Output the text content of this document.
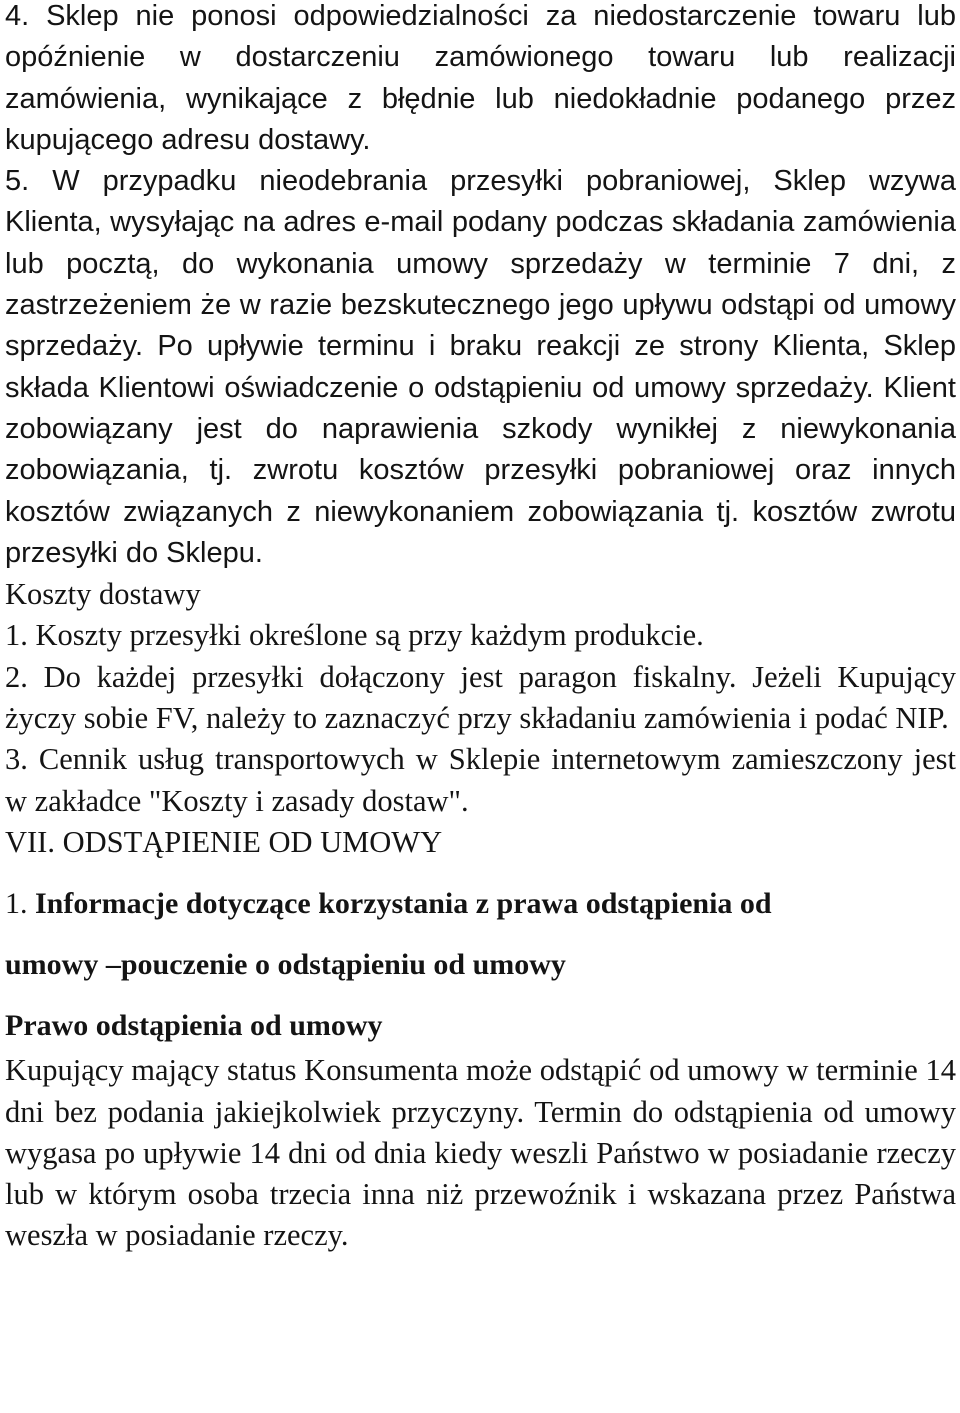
4. Sklep nie ponosi odpowiedzialności za niedostarczenie towaru lub opóźnienie w dostarczeniu zamówionego towaru lub realizacji zamówienia, wynikające z błędnie lub niedokładnie podanego przez kupującego adresu dostawy.

5. W przypadku nieodebrania przesyłki pobraniowej, Sklep wzywa Klienta, wysyłając na adres e-mail podany podczas składania zamówienia lub pocztą, do wykonania umowy sprzedaży w terminie 7 dni, z zastrzeżeniem że w razie bezskutecznego jego upływu odstąpi od umowy sprzedaży. Po upływie terminu i braku reakcji ze strony Klienta, Sklep składa Klientowi oświadczenie o odstąpieniu od umowy sprzedaży. Klient zobowiązany jest do naprawienia szkody wynikłej z niewykonania zobowiązania, tj. zwrotu kosztów przesyłki pobraniowej oraz innych kosztów związanych z niewykonaniem zobowiązania tj. kosztów zwrotu przesyłki do Sklepu.

Koszty dostawy

1. Koszty przesyłki określone są przy każdym produkcie.

2. Do każdej przesyłki dołączony jest paragon fiskalny. Jeżeli Kupujący życzy sobie FV, należy to zaznaczyć przy składaniu zamówienia i podać NIP.

3. Cennik usług transportowych w Sklepie internetowym zamieszczony jest w zakładce "Koszty i zasady dostaw".

VII. ODSTĄPIENIE OD UMOWY

1. Informacje dotyczące korzystania z prawa odstąpienia od

umowy –pouczenie o odstąpieniu od umowy

Prawo odstąpienia od umowy

Kupujący mający status Konsumenta może odstąpić od umowy w terminie 14 dni bez podania jakiejkolwiek przyczyny. Termin do odstąpienia od umowy wygasa po upływie 14 dni od dnia kiedy weszli Państwo w posiadanie rzeczy lub w którym osoba trzecia inna niż przewoźnik i wskazana przez Państwa weszła w posiadanie rzeczy.
